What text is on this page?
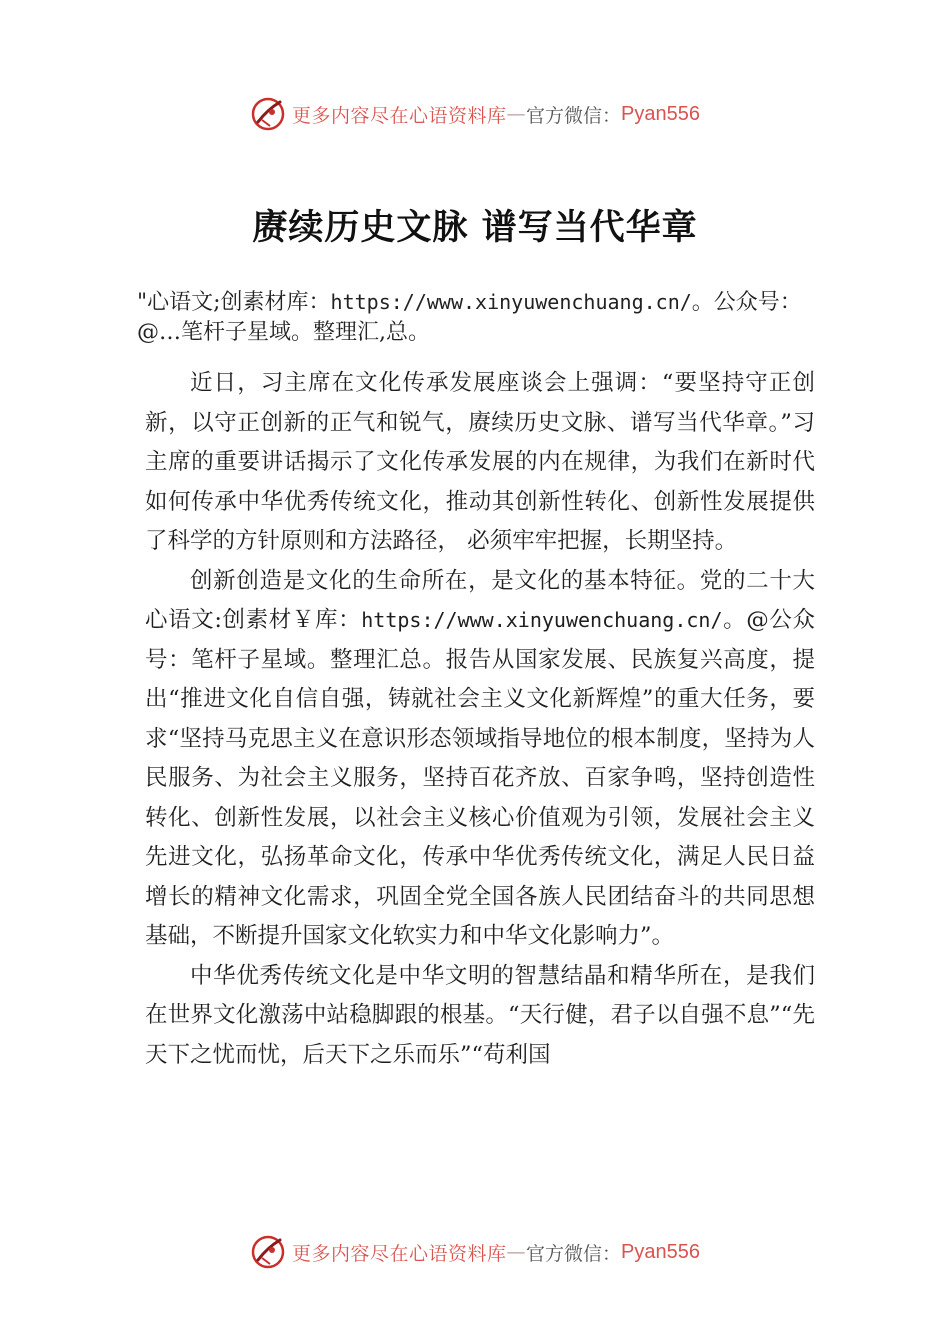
更多内容尽在心语资料库 — 官方微信： Pyan556
赓续历史文脉 谱写当代华章
"心语文;创素材库：https://www.xinyuwenchuang.cn/。公众号：@…笔杆子星域。整理汇,总。

近日，习主席在文化传承发展座谈会上强调：“要坚持守正创新，以守正创新的正气和锐气，赓续历史文脉、谱写当代华章。”习主席的重要讲话揭示了文化传承发展的内在规律，为我们在新时代如何传承中华优秀传统文化，推动其创新性转化、创新性发展提供了科学的方针原则和方法路径， 必须牢牢把握，长期坚持。

创新创造是文化的生命所在，是文化的基本特征。党的二十大心语文:创素材￥库：https://www.xinyuwenchuang.cn/。@公众号：笔杆子星域。整理汇总。报告从国家发展、民族复兴高度，提出“推进文化自信自强，铸就社会主义文化新辉煌”的重大任务，要求“坚持马克思主义在意识形态领域指导地位的根本制度，坚持为人民服务、为社会主义服务，坚持百花齐放、百家争鸣，坚持创造性转化、创新性发展，以社会主义核心价值观为引领，发展社会主义先进文化，弘扬革命文化，传承中华优秀传统文化，满足人民日益增长的精神文化需求，巩固全党全国各族人民团结奋斗的共同思想基础，不断提升国家文化软实力和中华文化影响力”。

中华优秀传统文化是中华文明的智慧结晶和精华所在，是我们在世界文化激荡中站稳脚跟的根基。“天行健，君子以自强不息”“先天下之忧而忧，后天下之乐而乐”“苟利国

更多内容尽在心语资料库 — 官方微信： Pyan556
